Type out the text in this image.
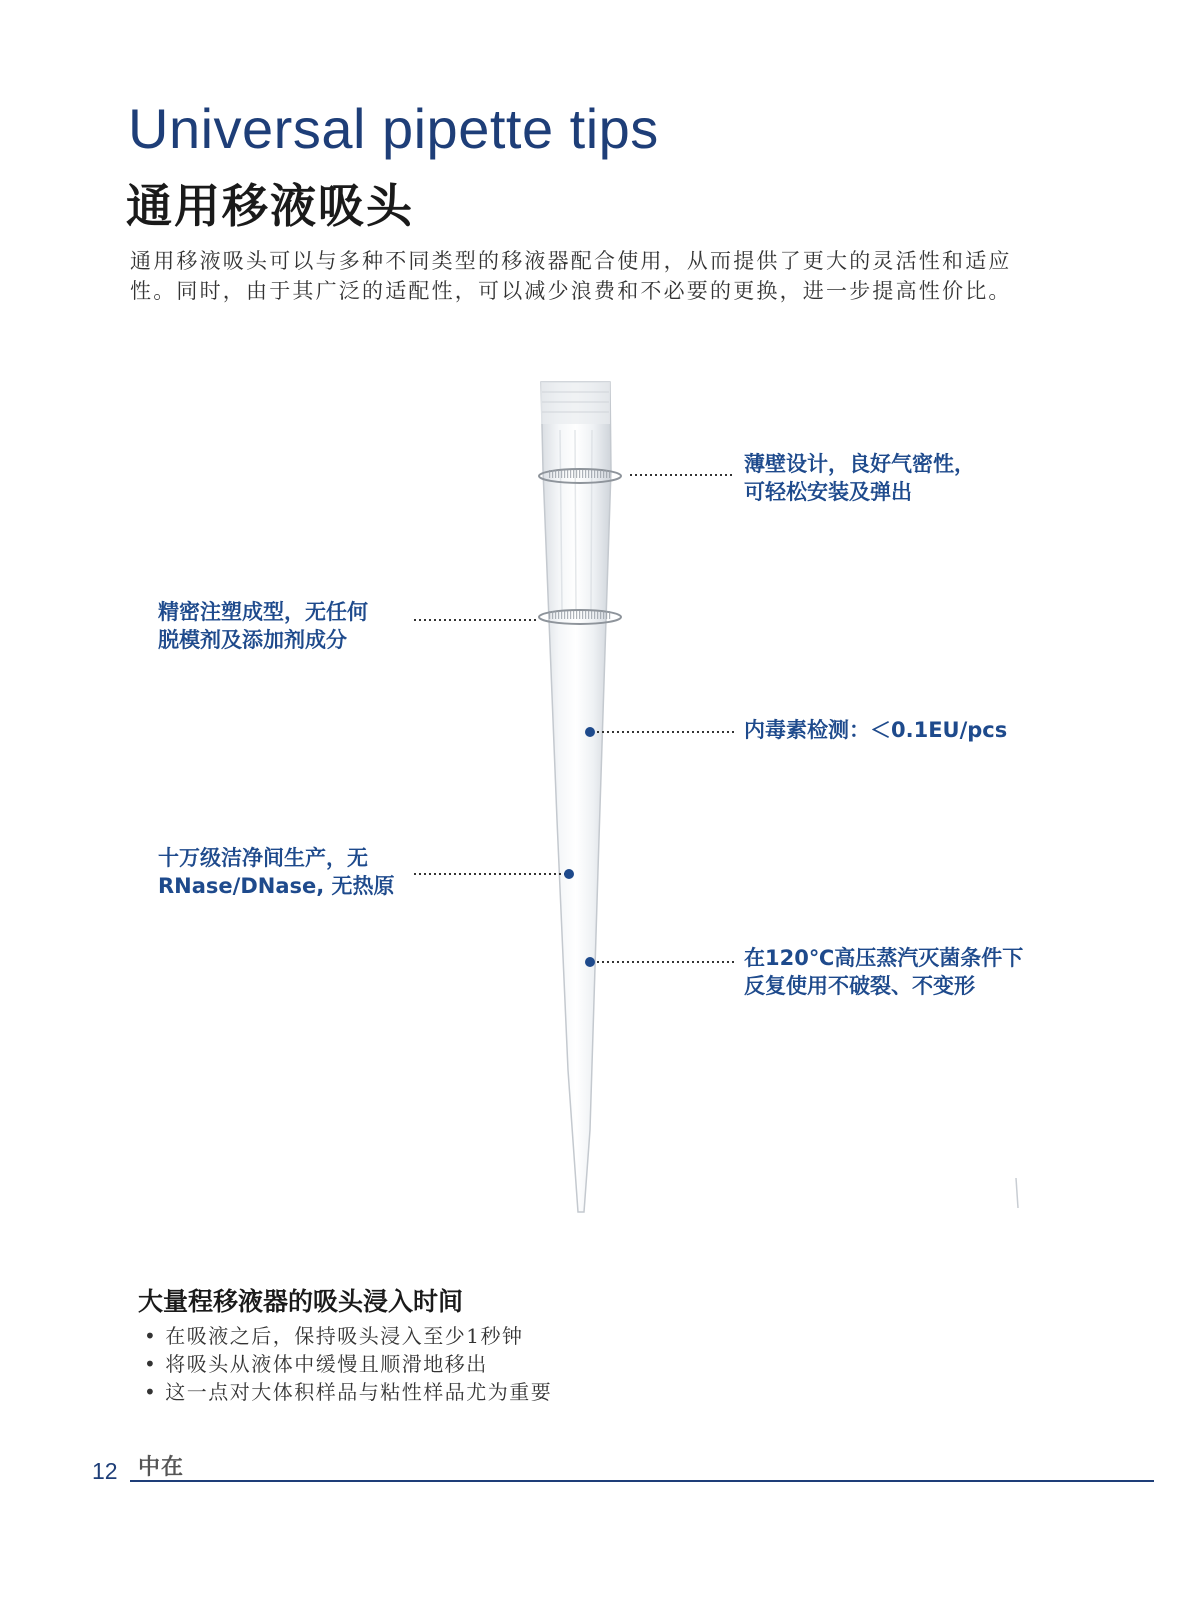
Universal pipette tips
通用移液吸头
通用移液吸头可以与多种不同类型的移液器配合使用，从而提供了更大的灵活性和适应
性。同时，由于其广泛的适配性，可以减少浪费和不必要的更换，进一步提高性价比。
薄壁设计，良好气密性，
可轻松安装及弹出
精密注塑成型，无任何
脱模剂及添加剂成分
内毒素检测：＜0.1EU/pcs
十万级洁净间生产，无
RNase/DNase, 无热原
在120℃高压蒸汽灭菌条件下
反复使用不破裂、不变形
大量程移液器的吸头浸入时间
• 在吸液之后，保持吸头浸入至少1秒钟
• 将吸头从液体中缓慢且顺滑地移出
• 这一点对大体积样品与粘性样品尤为重要
12 中在
